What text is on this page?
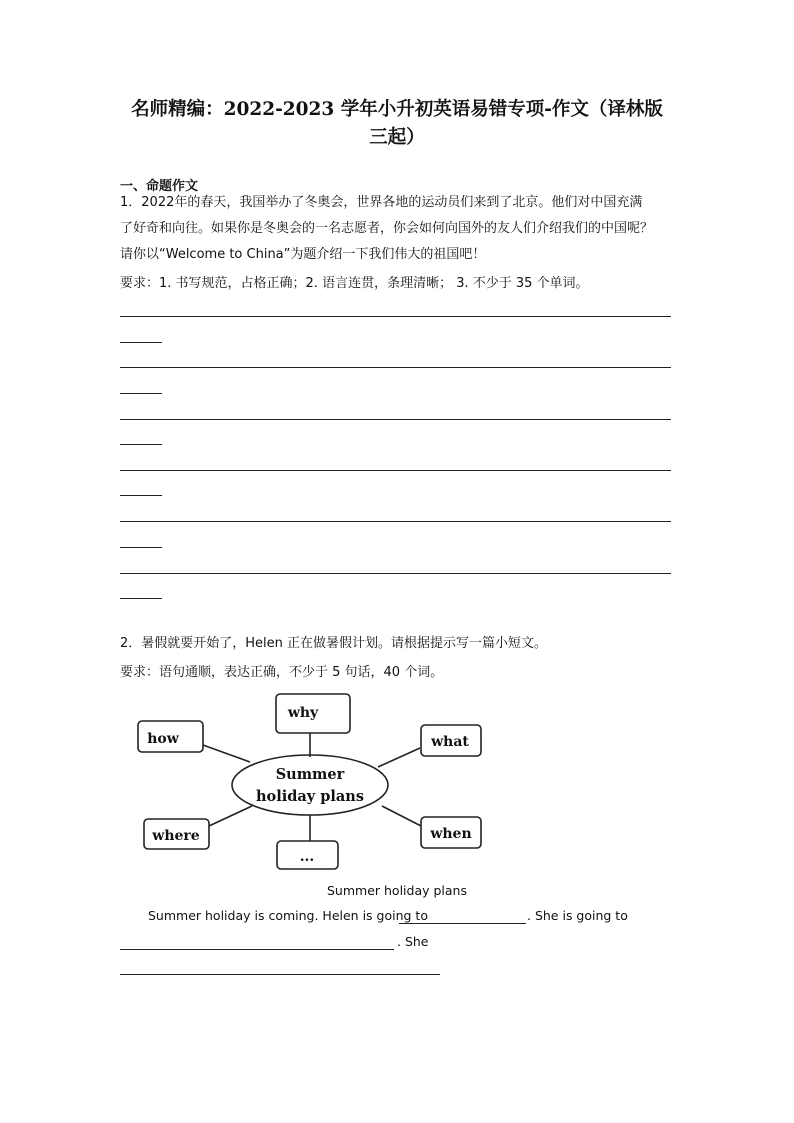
名师精编：2022-2023 学年小升初英语易错专项-作文（译林版
三起）
一、命题作文
1．2022年的春天，我国举办了冬奥会，世界各地的运动员们来到了北京。他们对中国充满
了好奇和向往。如果你是冬奥会的一名志愿者，你会如何向国外的友人们介绍我们的中国呢？
请你以“Welcome to China”为题介绍一下我们伟大的祖国吧！
要求：1. 书写规范，占格正确；2. 语言连贯，条理清晰； 3. 不少于 35 个单词。
2．暑假就要开始了，Helen 正在做暑假计划。请根据提示写一篇小短文。
要求：语句通顺，表达正确，不少于 5 句话，40 个词。
Summer
holiday plans
why
how	what
where	when
...
Summer holiday plans
Summer holiday is coming. Helen is going to	. She is going to
. She
